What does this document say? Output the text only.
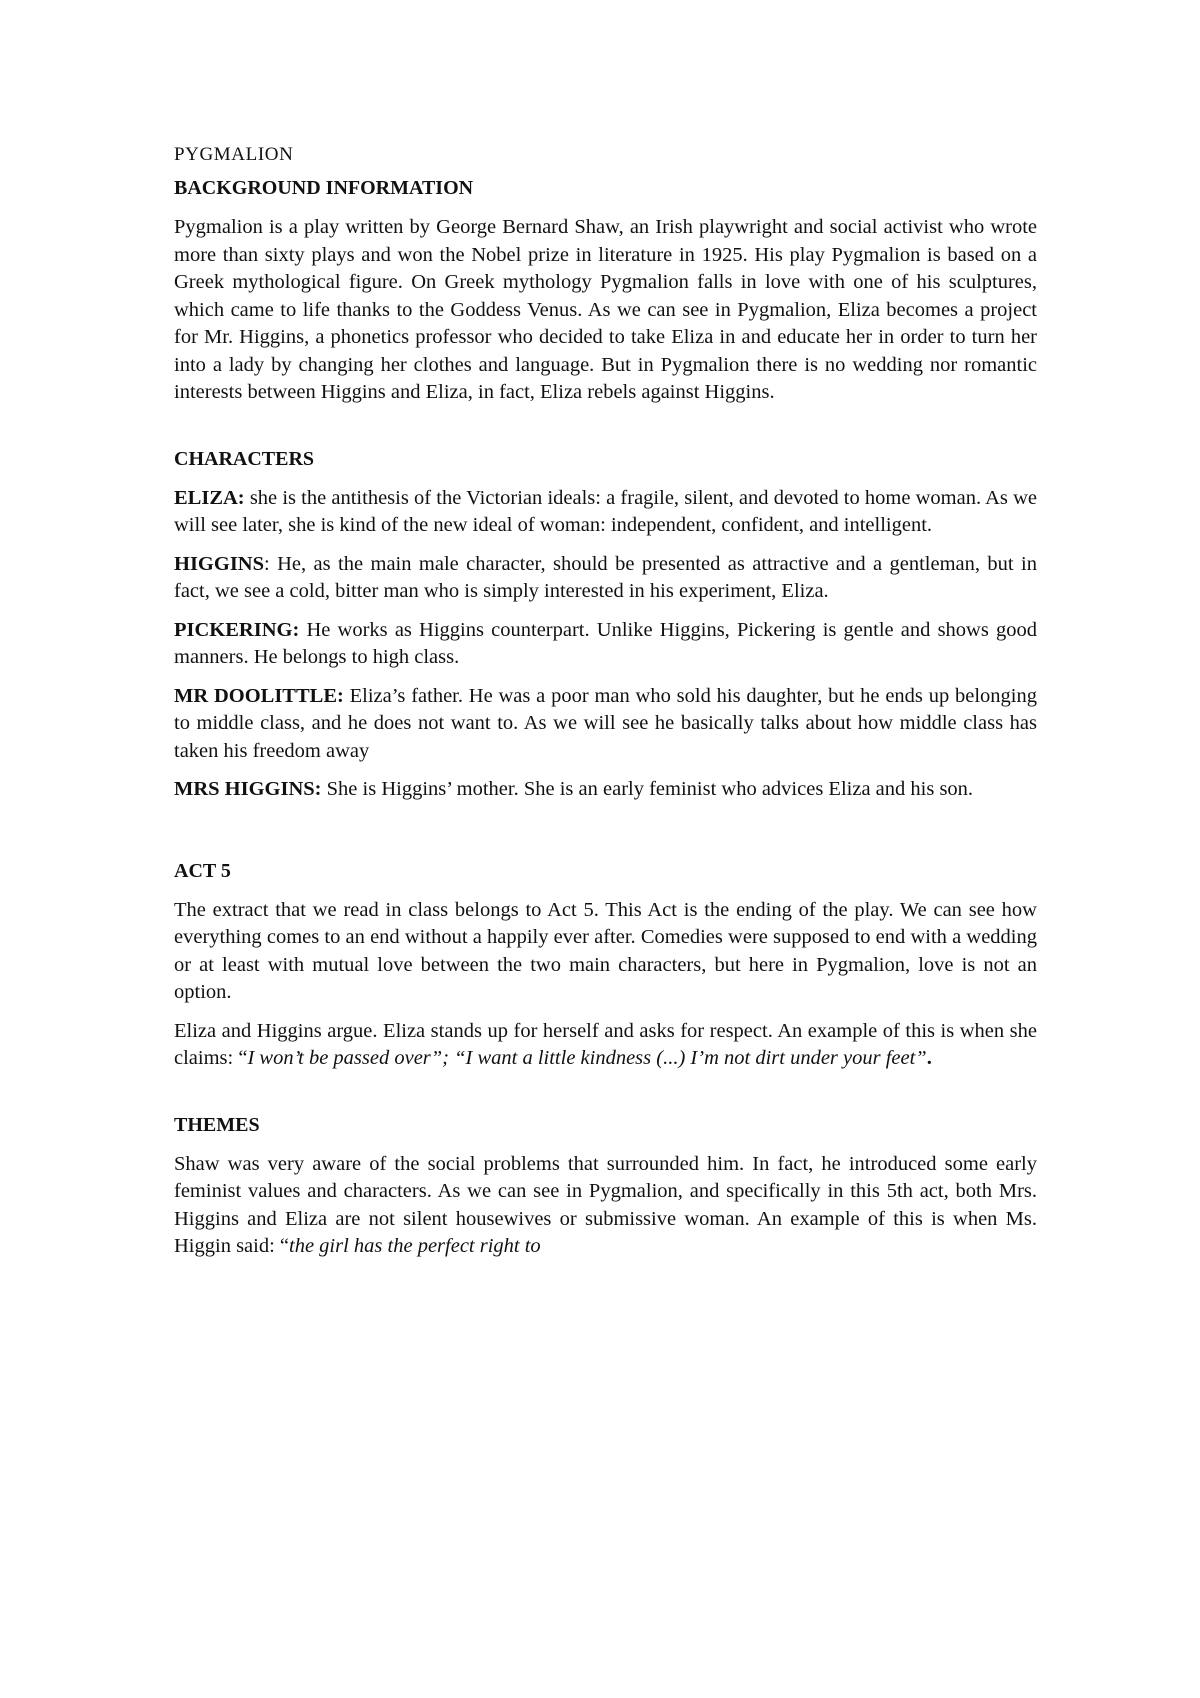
PYGMALION
BACKGROUND INFORMATION

Pygmalion is a play written by George Bernard Shaw, an Irish playwright and social activist who wrote more than sixty plays and won the Nobel prize in literature in 1925. His play Pygmalion is based on a Greek mythological figure. On Greek mythology Pygmalion falls in love with one of his sculptures, which came to life thanks to the Goddess Venus. As we can see in Pygmalion, Eliza becomes a project for Mr. Higgins, a phonetics professor who decided to take Eliza in and educate her in order to turn her into a lady by changing her clothes and language. But in Pygmalion there is no wedding nor romantic interests between Higgins and Eliza, in fact, Eliza rebels against Higgins.

CHARACTERS

ELIZA: she is the antithesis of the Victorian ideals: a fragile, silent, and devoted to home woman. As we will see later, she is kind of the new ideal of woman: independent, confident, and intelligent.

HIGGINS: He, as the main male character, should be presented as attractive and a gentleman, but in fact, we see a cold, bitter man who is simply interested in his experiment, Eliza.

PICKERING: He works as Higgins counterpart. Unlike Higgins, Pickering is gentle and shows good manners. He belongs to high class.

MR DOOLITTLE: Eliza’s father. He was a poor man who sold his daughter, but he ends up belonging to middle class, and he does not want to. As we will see he basically talks about how middle class has taken his freedom away

MRS HIGGINS: She is Higgins’ mother. She is an early feminist who advices Eliza and his son.

ACT 5

The extract that we read in class belongs to Act 5. This Act is the ending of the play. We can see how everything comes to an end without a happily ever after. Comedies were supposed to end with a wedding or at least with mutual love between the two main characters, but here in Pygmalion, love is not an option.

Eliza and Higgins argue. Eliza stands up for herself and asks for respect. An example of this is when she claims: “I won’t be passed over”; “I want a little kindness (...) I’m not dirt under your feet”.

THEMES

Shaw was very aware of the social problems that surrounded him. In fact, he introduced some early feminist values and characters. As we can see in Pygmalion, and specifically in this 5th act, both Mrs. Higgins and Eliza are not silent housewives or submissive woman. An example of this is when Ms. Higgin said: “the girl has the perfect right to
